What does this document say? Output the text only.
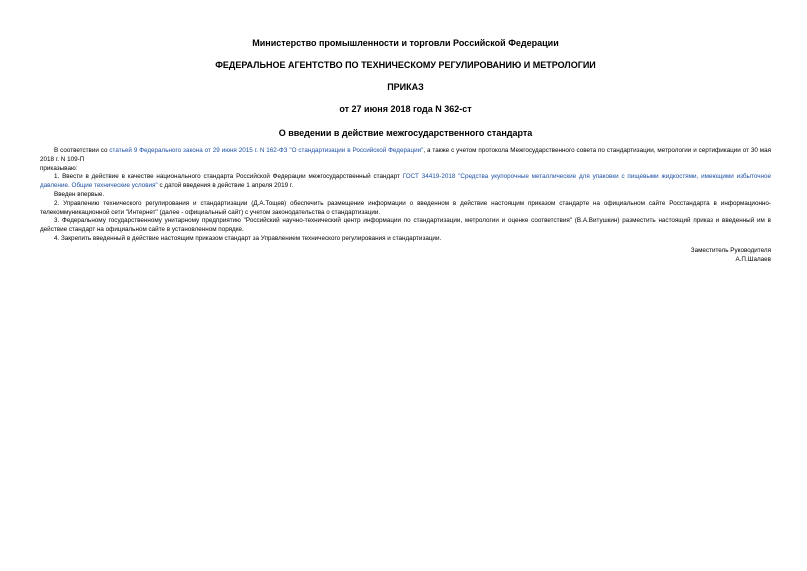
Министерство промышленности и торговли Российской Федерации

ФЕДЕРАЛЬНОЕ АГЕНТСТВО ПО ТЕХНИЧЕСКОМУ РЕГУЛИРОВАНИЮ И МЕТРОЛОГИИ

ПРИКАЗ

от 27 июня 2018 года N 362-ст

О введении в действие межгосударственного стандарта

В соответствии со статьей 9 Федерального закона от 29 июня 2015 г. N 162-ФЗ "О стандартизации в Российской Федерации", а также с учетом протокола Межгосударственного совета по стандартизации, метрологии и сертификации от 30 мая 2018 г. N 109-П

приказываю:

1. Ввести в действие в качестве национального стандарта Российской Федерации межгосударственный стандарт ГОСТ 34419-2018 "Средства укупорочные металлические для упаковки с пищевыми жидкостями, имеющими избыточное давление. Общие технические условия" с датой введения в действие 1 апреля 2019 г.

Введен впервые.

2. Управлению технического регулирования и стандартизации (Д.А.Тощев) обеспечить размещение информации о введенном в действие настоящим приказом стандарте на официальном сайте Росстандарта в информационно-телекоммуникационной сети "Интернет" (далее - официальный сайт) с учетом законодательства о стандартизации.

3. Федеральному государственному унитарному предприятию "Российский научно-технический центр информации по стандартизации, метрологии и оценке соответствия" (В.А.Витушкин) разместить настоящий приказ и введенный им в действие стандарт на официальном сайте в установленном порядке.

4. Закрепить введенный в действие настоящим приказом стандарт за Управлением технического регулирования и стандартизации.

Заместитель Руководителя
А.П.Шалаев
